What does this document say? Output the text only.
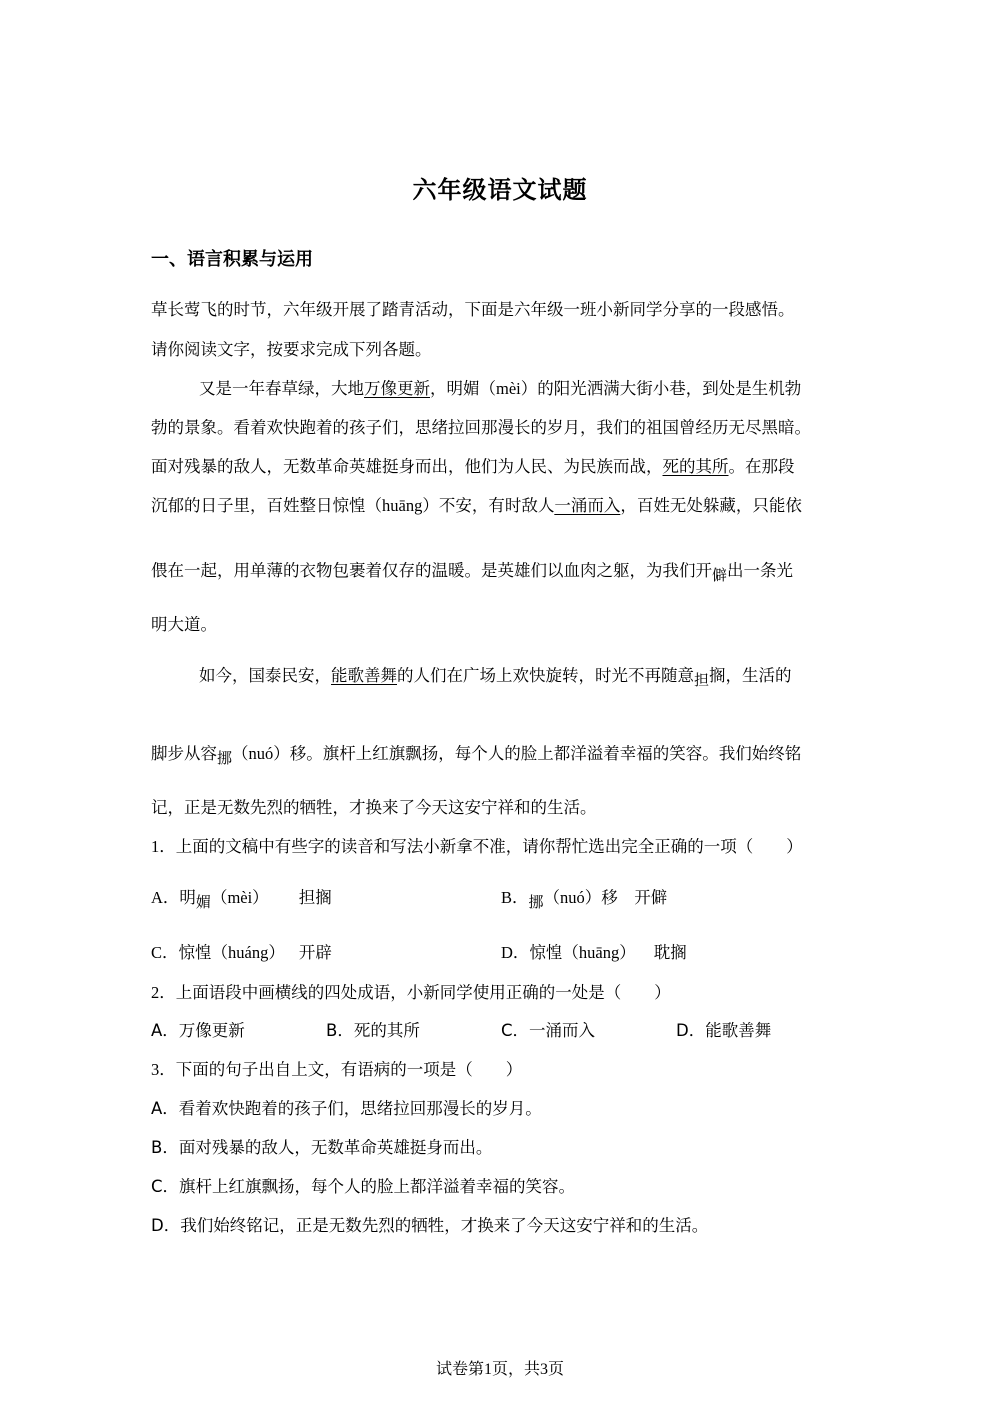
六年级语文试题
一、语言积累与运用
草长莺飞的时节，六年级开展了踏青活动，下面是六年级一班小新同学分享的一段感悟。
请你阅读文字，按要求完成下列各题。
又是一年春草绿，大地万像更新，明媚（mèi）的阳光洒满大街小巷，到处是生机勃
勃的景象。看着欢快跑着的孩子们，思绪拉回那漫长的岁月，我们的祖国曾经历无尽黑暗。
面对残暴的敌人，无数革命英雄挺身而出，他们为人民、为民族而战，死的其所。在那段
沉郁的日子里，百姓整日惊惶（huāng）不安，有时敌人一涌而入，百姓无处躲藏，只能依
偎在一起，用单薄的衣物包裹着仅存的温暖。是英雄们以血肉之躯，为我们开僻出一条光
明大道。
如今，国泰民安，能歌善舞的人们在广场上欢快旋转，时光不再随意担搁，生活的
脚步从容挪（nuó）移。旗杆上红旗飘扬，每个人的脸上都洋溢着幸福的笑容。我们始终铭
记，正是无数先烈的牺牲，才换来了今天这安宁祥和的生活。
1．上面的文稿中有些字的读音和写法小新拿不准，请你帮忙选出完全正确的一项（　　）
A．明媚（mèi） 担搁	B．挪（nuó）移　开僻
C．惊惶（huáng） 开辟	D．惊惶（huāng） 耽搁
2．上面语段中画横线的四处成语，小新同学使用正确的一处是（　　）
A．万像更新	B．死的其所	C．一涌而入	D．能歌善舞
3．下面的句子出自上文，有语病的一项是（　　）
A．看着欢快跑着的孩子们，思绪拉回那漫长的岁月。
B．面对残暴的敌人，无数革命英雄挺身而出。
C．旗杆上红旗飘扬，每个人的脸上都洋溢着幸福的笑容。
D．我们始终铭记，正是无数先烈的牺牲，才换来了今天这安宁祥和的生活。
试卷第1页，共3页
